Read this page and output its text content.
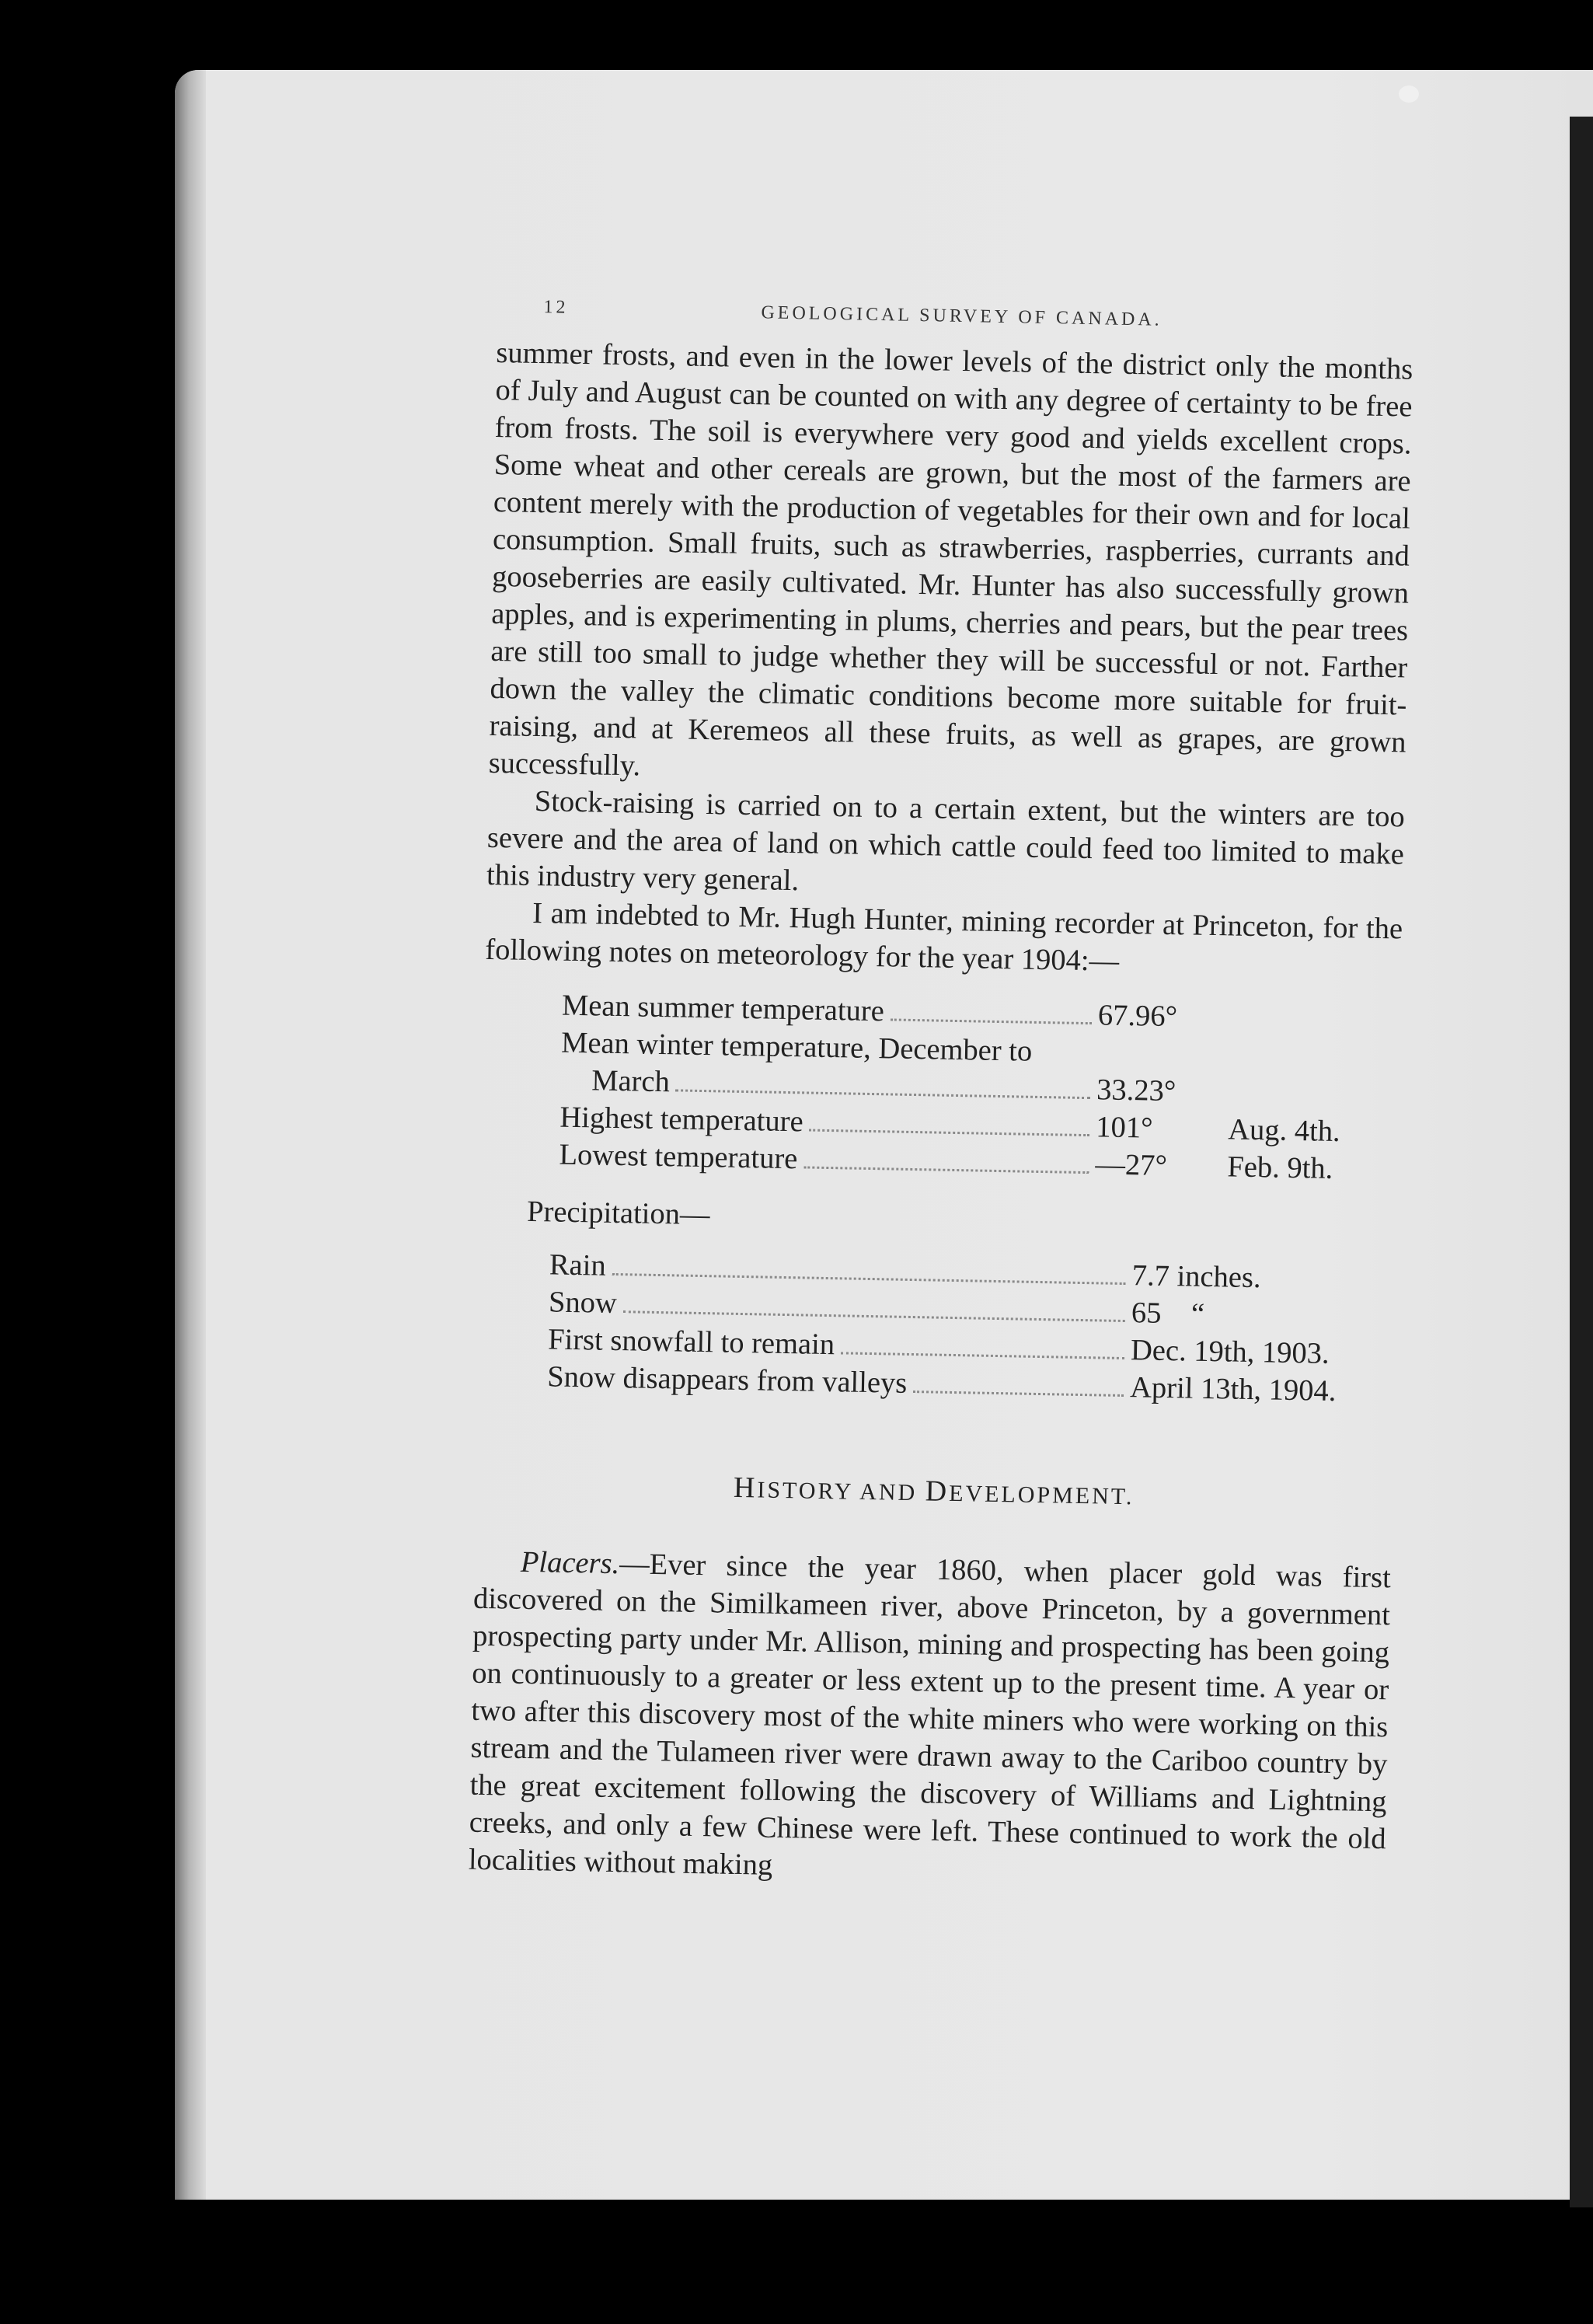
12	GEOLOGICAL SURVEY OF CANADA.

summer frosts, and even in the lower levels of the district only the months of July and August can be counted on with any degree of certainty to be free from frosts. The soil is everywhere very good and yields excellent crops. Some wheat and other cereals are grown, but the most of the farmers are content merely with the production of vegetables for their own and for local consumption. Small fruits, such as strawberries, raspberries, currants and gooseberries are easily cultivated. Mr. Hunter has also successfully grown apples, and is experimenting in plums, cherries and pears, but the pear trees are still too small to judge whether they will be successful or not. Farther down the valley the climatic conditions become more suitable for fruit-raising, and at Keremeos all these fruits, as well as grapes, are grown successfully.

Stock-raising is carried on to a certain extent, but the winters are too severe and the area of land on which cattle could feed too limited to make this industry very general.

I am indebted to Mr. Hugh Hunter, mining recorder at Princeton, for the following notes on meteorology for the year 1904:—

Mean summer temperature	67.96°
Mean winter temperature, December to
March	33.23°
Highest temperature	101°	Aug. 4th.
Lowest temperature	—27°	Feb. 9th.
Precipitation—
Rain	7.7 inches.
Snow	65    “
First snowfall to remain	Dec. 19th, 1903.
Snow disappears from valleys	April 13th, 1904.
HISTORY AND DEVELOPMENT.

Placers.—Ever since the year 1860, when placer gold was first discovered on the Similkameen river, above Princeton, by a government prospecting party under Mr. Allison, mining and prospecting has been going on continuously to a greater or less extent up to the present time. A year or two after this discovery most of the white miners who were working on this stream and the Tulameen river were drawn away to the Cariboo country by the great excitement following the discovery of Williams and Lightning creeks, and only a few Chinese were left. These continued to work the old localities without making
